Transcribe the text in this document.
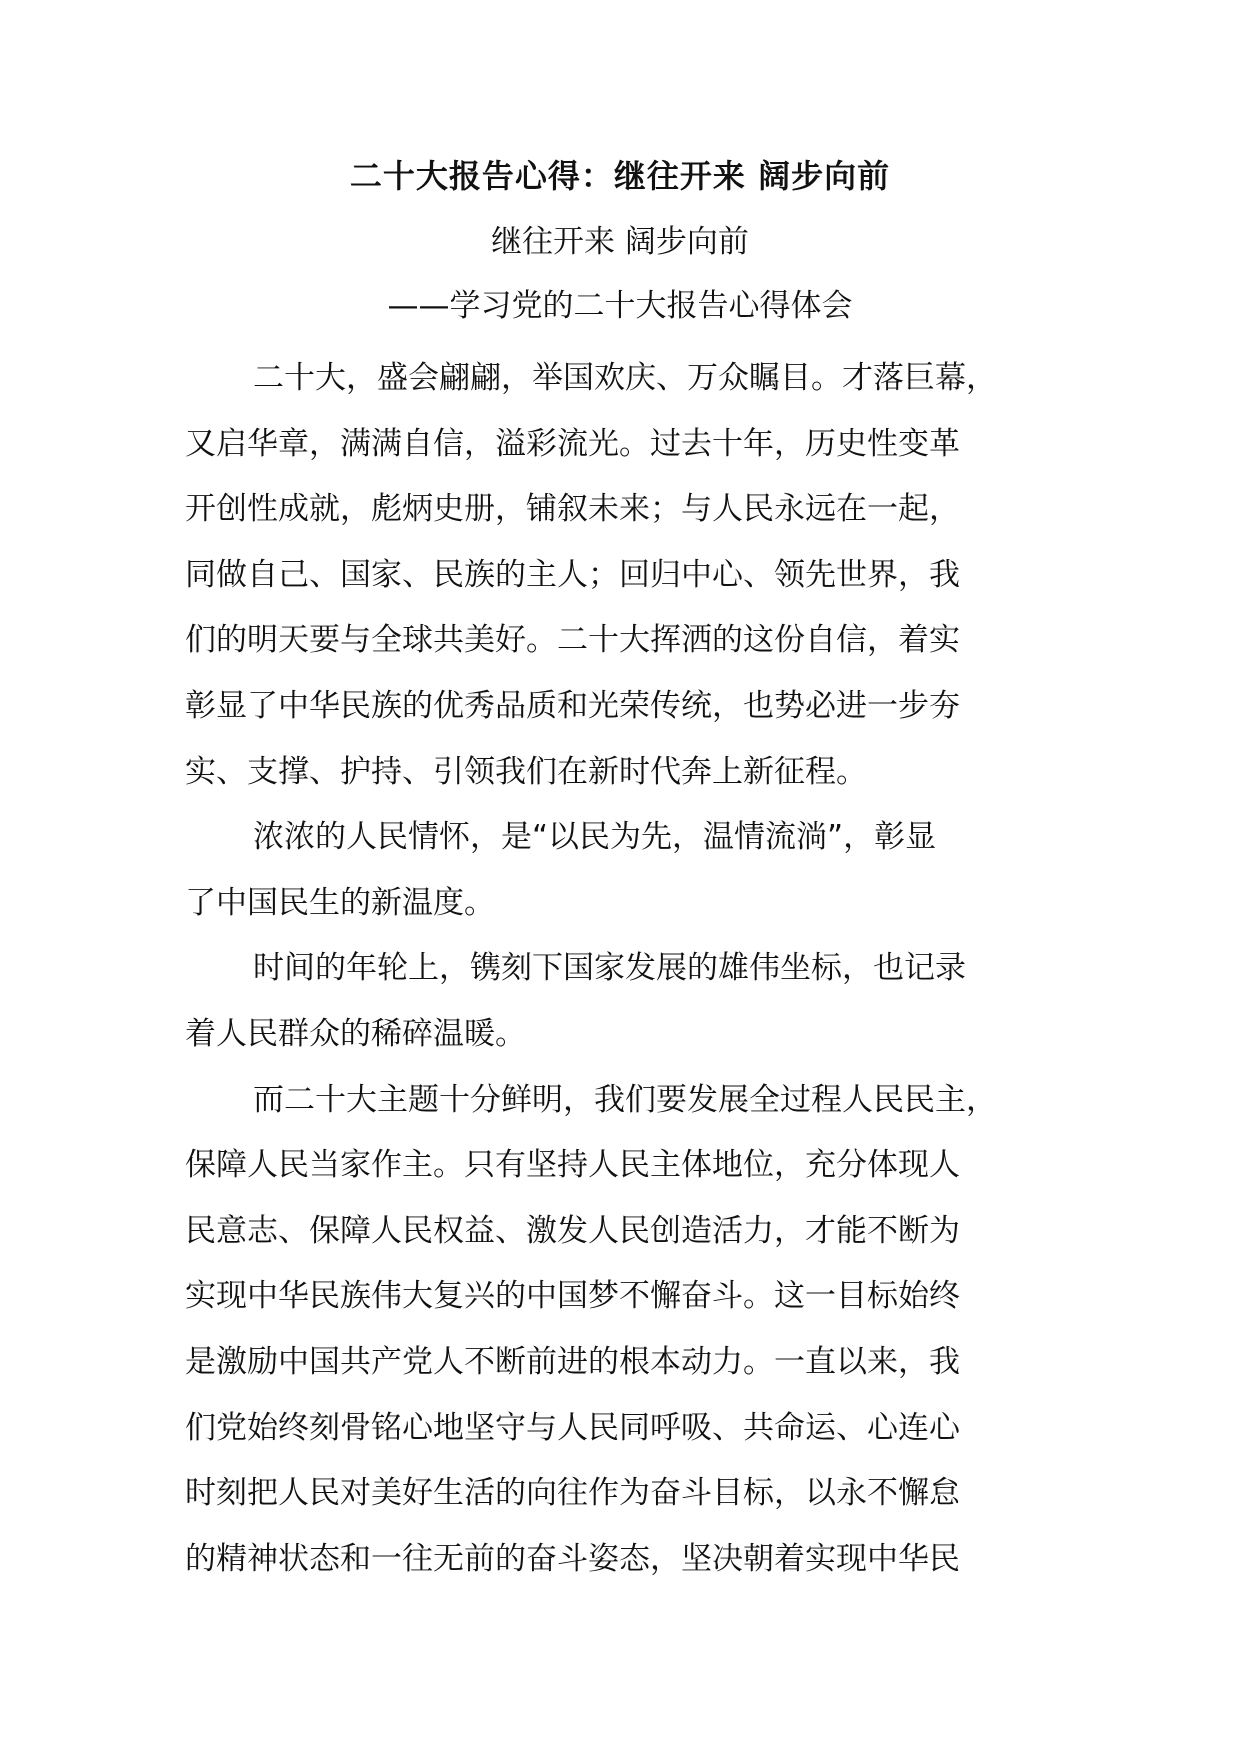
二十大报告心得：继往开来 阔步向前
继往开来 阔步向前
——学习党的二十大报告心得体会
二十大，盛会翩翩，举国欢庆、万众瞩目。才落巨幕，
又启华章，满满自信，溢彩流光。过去十年，历史性变革
开创性成就，彪炳史册，铺叙未来；与人民永远在一起，
同做自己、国家、民族的主人；回归中心、领先世界，我
们的明天要与全球共美好。二十大挥洒的这份自信，着实
彰显了中华民族的优秀品质和光荣传统，也势必进一步夯
实、支撑、护持、引领我们在新时代奔上新征程。
浓浓的人民情怀，是“以民为先，温情流淌”，彰显
了中国民生的新温度。
时间的年轮上，镌刻下国家发展的雄伟坐标，也记录
着人民群众的稀碎温暖。
而二十大主题十分鲜明，我们要发展全过程人民民主，
保障人民当家作主。只有坚持人民主体地位，充分体现人
民意志、保障人民权益、激发人民创造活力，才能不断为
实现中华民族伟大复兴的中国梦不懈奋斗。这一目标始终
是激励中国共产党人不断前进的根本动力。一直以来，我
们党始终刻骨铭心地坚守与人民同呼吸、共命运、心连心
时刻把人民对美好生活的向往作为奋斗目标，以永不懈怠
的精神状态和一往无前的奋斗姿态，坚决朝着实现中华民
